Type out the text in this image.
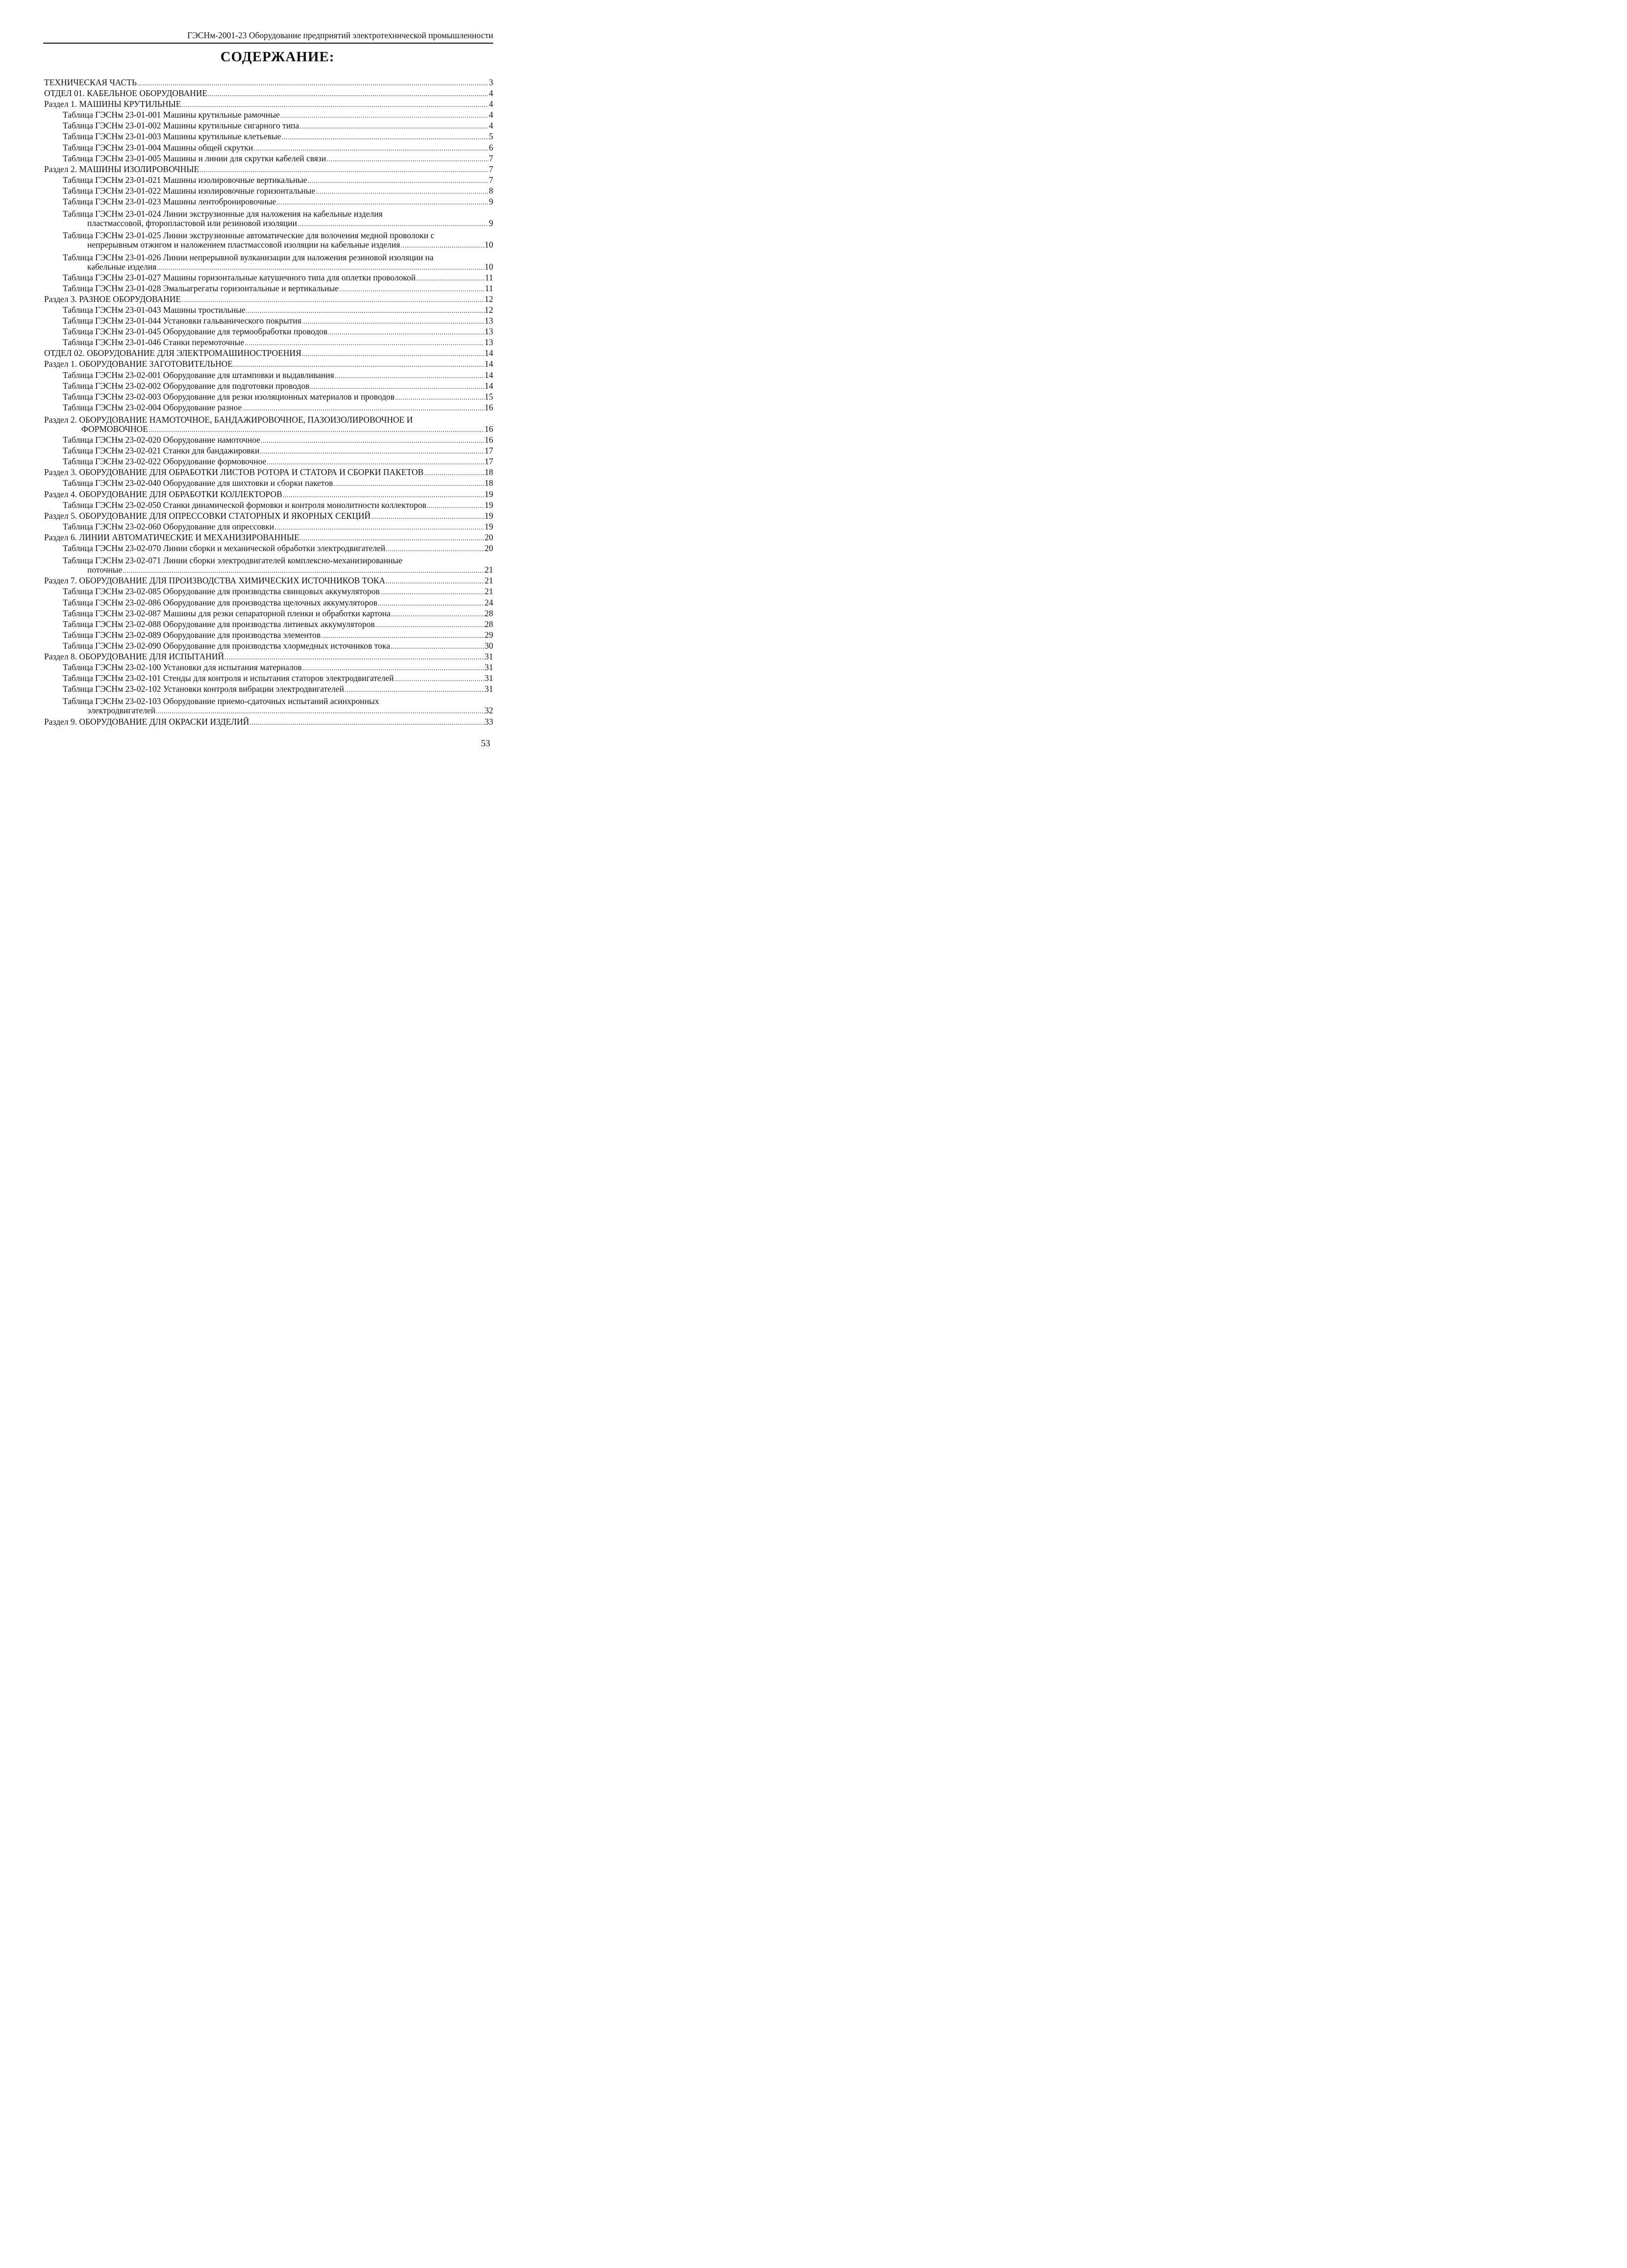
ГЭСНм-2001-23 Оборудование предприятий электротехнической промышленности
СОДЕРЖАНИЕ:
ТЕХНИЧЕСКАЯ ЧАСТЬ .....	3
ОТДЕЛ 01. КАБЕЛЬНОЕ ОБОРУДОВАНИЕ .....	4
Раздел 1. МАШИНЫ КРУТИЛЬНЫЕ .....	4
Таблица ГЭСНм 23-01-001 Машины крутильные рамочные .....	4
Таблица ГЭСНм 23-01-002 Машины крутильные сигарного типа .....	4
Таблица ГЭСНм 23-01-003 Машины крутильные клетьевые .....	5
Таблица ГЭСНм 23-01-004 Машины общей скрутки .....	6
Таблица ГЭСНм 23-01-005 Машины и линии для скрутки кабелей связи .....	7
Раздел 2. МАШИНЫ ИЗОЛИРОВОЧНЫЕ .....	7
Таблица ГЭСНм 23-01-021 Машины изолировочные вертикальные .....	7
Таблица ГЭСНм 23-01-022 Машины изолировочные горизонтальные .....	8
Таблица ГЭСНм 23-01-023 Машины лентобронировочные .....	9
Таблица ГЭСНм 23-01-024 Линии экструзионные для наложения на кабельные изделия
пластмассовой, фторопластовой или резиновой изоляции .....	9
Таблица ГЭСНм 23-01-025 Линии экструзионные автоматические для волочения медной проволоки с
непрерывным отжигом и наложением пластмассовой изоляции на кабельные изделия .....	10
Таблица ГЭСНм 23-01-026 Линии непрерывной вулканизации для наложения резиновой изоляции на
кабельные изделия .....	10
Таблица ГЭСНм 23-01-027 Машины горизонтальные катушечного типа для оплетки проволокой .....	11
Таблица ГЭСНм 23-01-028 Эмальагрегаты горизонтальные и вертикальные .....	11
Раздел 3. РАЗНОЕ ОБОРУДОВАНИЕ .....	12
Таблица ГЭСНм 23-01-043 Машины тростильные .....	12
Таблица ГЭСНм 23-01-044 Установки гальванического покрытия .....	13
Таблица ГЭСНм 23-01-045 Оборудование для термообработки проводов .....	13
Таблица ГЭСНм 23-01-046 Станки перемоточные .....	13
ОТДЕЛ 02. ОБОРУДОВАНИЕ ДЛЯ ЭЛЕКТРОМАШИНОСТРОЕНИЯ .....	14
Раздел 1. ОБОРУДОВАНИЕ ЗАГОТОВИТЕЛЬНОЕ .....	14
Таблица ГЭСНм 23-02-001 Оборудование для штамповки и выдавливания .....	14
Таблица ГЭСНм 23-02-002 Оборудование для подготовки проводов .....	14
Таблица ГЭСНм 23-02-003 Оборудование для резки изоляционных материалов и проводов .....	15
Таблица ГЭСНм 23-02-004 Оборудование разное .....	16
Раздел 2. ОБОРУДОВАНИЕ НАМОТОЧНОЕ, БАНДАЖИРОВОЧНОЕ, ПАЗОИЗОЛИРОВОЧНОЕ И
ФОРМОВОЧНОЕ .....	16
Таблица ГЭСНм 23-02-020 Оборудование намоточное .....	16
Таблица ГЭСНм 23-02-021 Станки для бандажировки .....	17
Таблица ГЭСНм 23-02-022 Оборудование формовочное .....	17
Раздел 3. ОБОРУДОВАНИЕ ДЛЯ ОБРАБОТКИ ЛИСТОВ РОТОРА И СТАТОРА И СБОРКИ ПАКЕТОВ .....	18
Таблица ГЭСНм 23-02-040 Оборудование для шихтовки и сборки пакетов .....	18
Раздел 4. ОБОРУДОВАНИЕ ДЛЯ ОБРАБОТКИ КОЛЛЕКТОРОВ .....	19
Таблица ГЭСНм 23-02-050 Станки динамической формовки и контроля монолитности коллекторов .....	19
Раздел 5. ОБОРУДОВАНИЕ ДЛЯ ОПРЕССОВКИ СТАТОРНЫХ И ЯКОРНЫХ СЕКЦИЙ .....	19
Таблица ГЭСНм 23-02-060 Оборудование для опрессовки .....	19
Раздел 6. ЛИНИИ АВТОМАТИЧЕСКИЕ И МЕХАНИЗИРОВАННЫЕ .....	20
Таблица ГЭСНм 23-02-070 Линии сборки и механической обработки электродвигателей .....	20
Таблица ГЭСНм 23-02-071 Линии сборки электродвигателей комплексно-механизированные
поточные .....	21
Раздел 7. ОБОРУДОВАНИЕ ДЛЯ ПРОИЗВОДСТВА ХИМИЧЕСКИХ ИСТОЧНИКОВ ТОКА .....	21
Таблица ГЭСНм 23-02-085 Оборудование для производства свинцовых аккумуляторов .....	21
Таблица ГЭСНм 23-02-086 Оборудование для производства щелочных аккумуляторов .....	24
Таблица ГЭСНм 23-02-087 Машины для резки сепараторной пленки и обработки картона .....	28
Таблица ГЭСНм 23-02-088 Оборудование для производства литиевых аккумуляторов .....	28
Таблица ГЭСНм 23-02-089 Оборудование для производства элементов .....	29
Таблица ГЭСНм 23-02-090 Оборудование для производства хлормедных источников тока .....	30
Раздел 8. ОБОРУДОВАНИЕ ДЛЯ ИСПЫТАНИЙ .....	31
Таблица ГЭСНм 23-02-100 Установки для испытания материалов .....	31
Таблица ГЭСНм 23-02-101 Стенды для контроля и испытания статоров электродвигателей .....	31
Таблица ГЭСНм 23-02-102 Установки контроля вибрации электродвигателей .....	31
Таблица ГЭСНм 23-02-103 Оборудование приемо-сдаточных испытаний асинхронных
электродвигателей .....	32
Раздел 9. ОБОРУДОВАНИЕ ДЛЯ ОКРАСКИ ИЗДЕЛИЙ .....	33
53
